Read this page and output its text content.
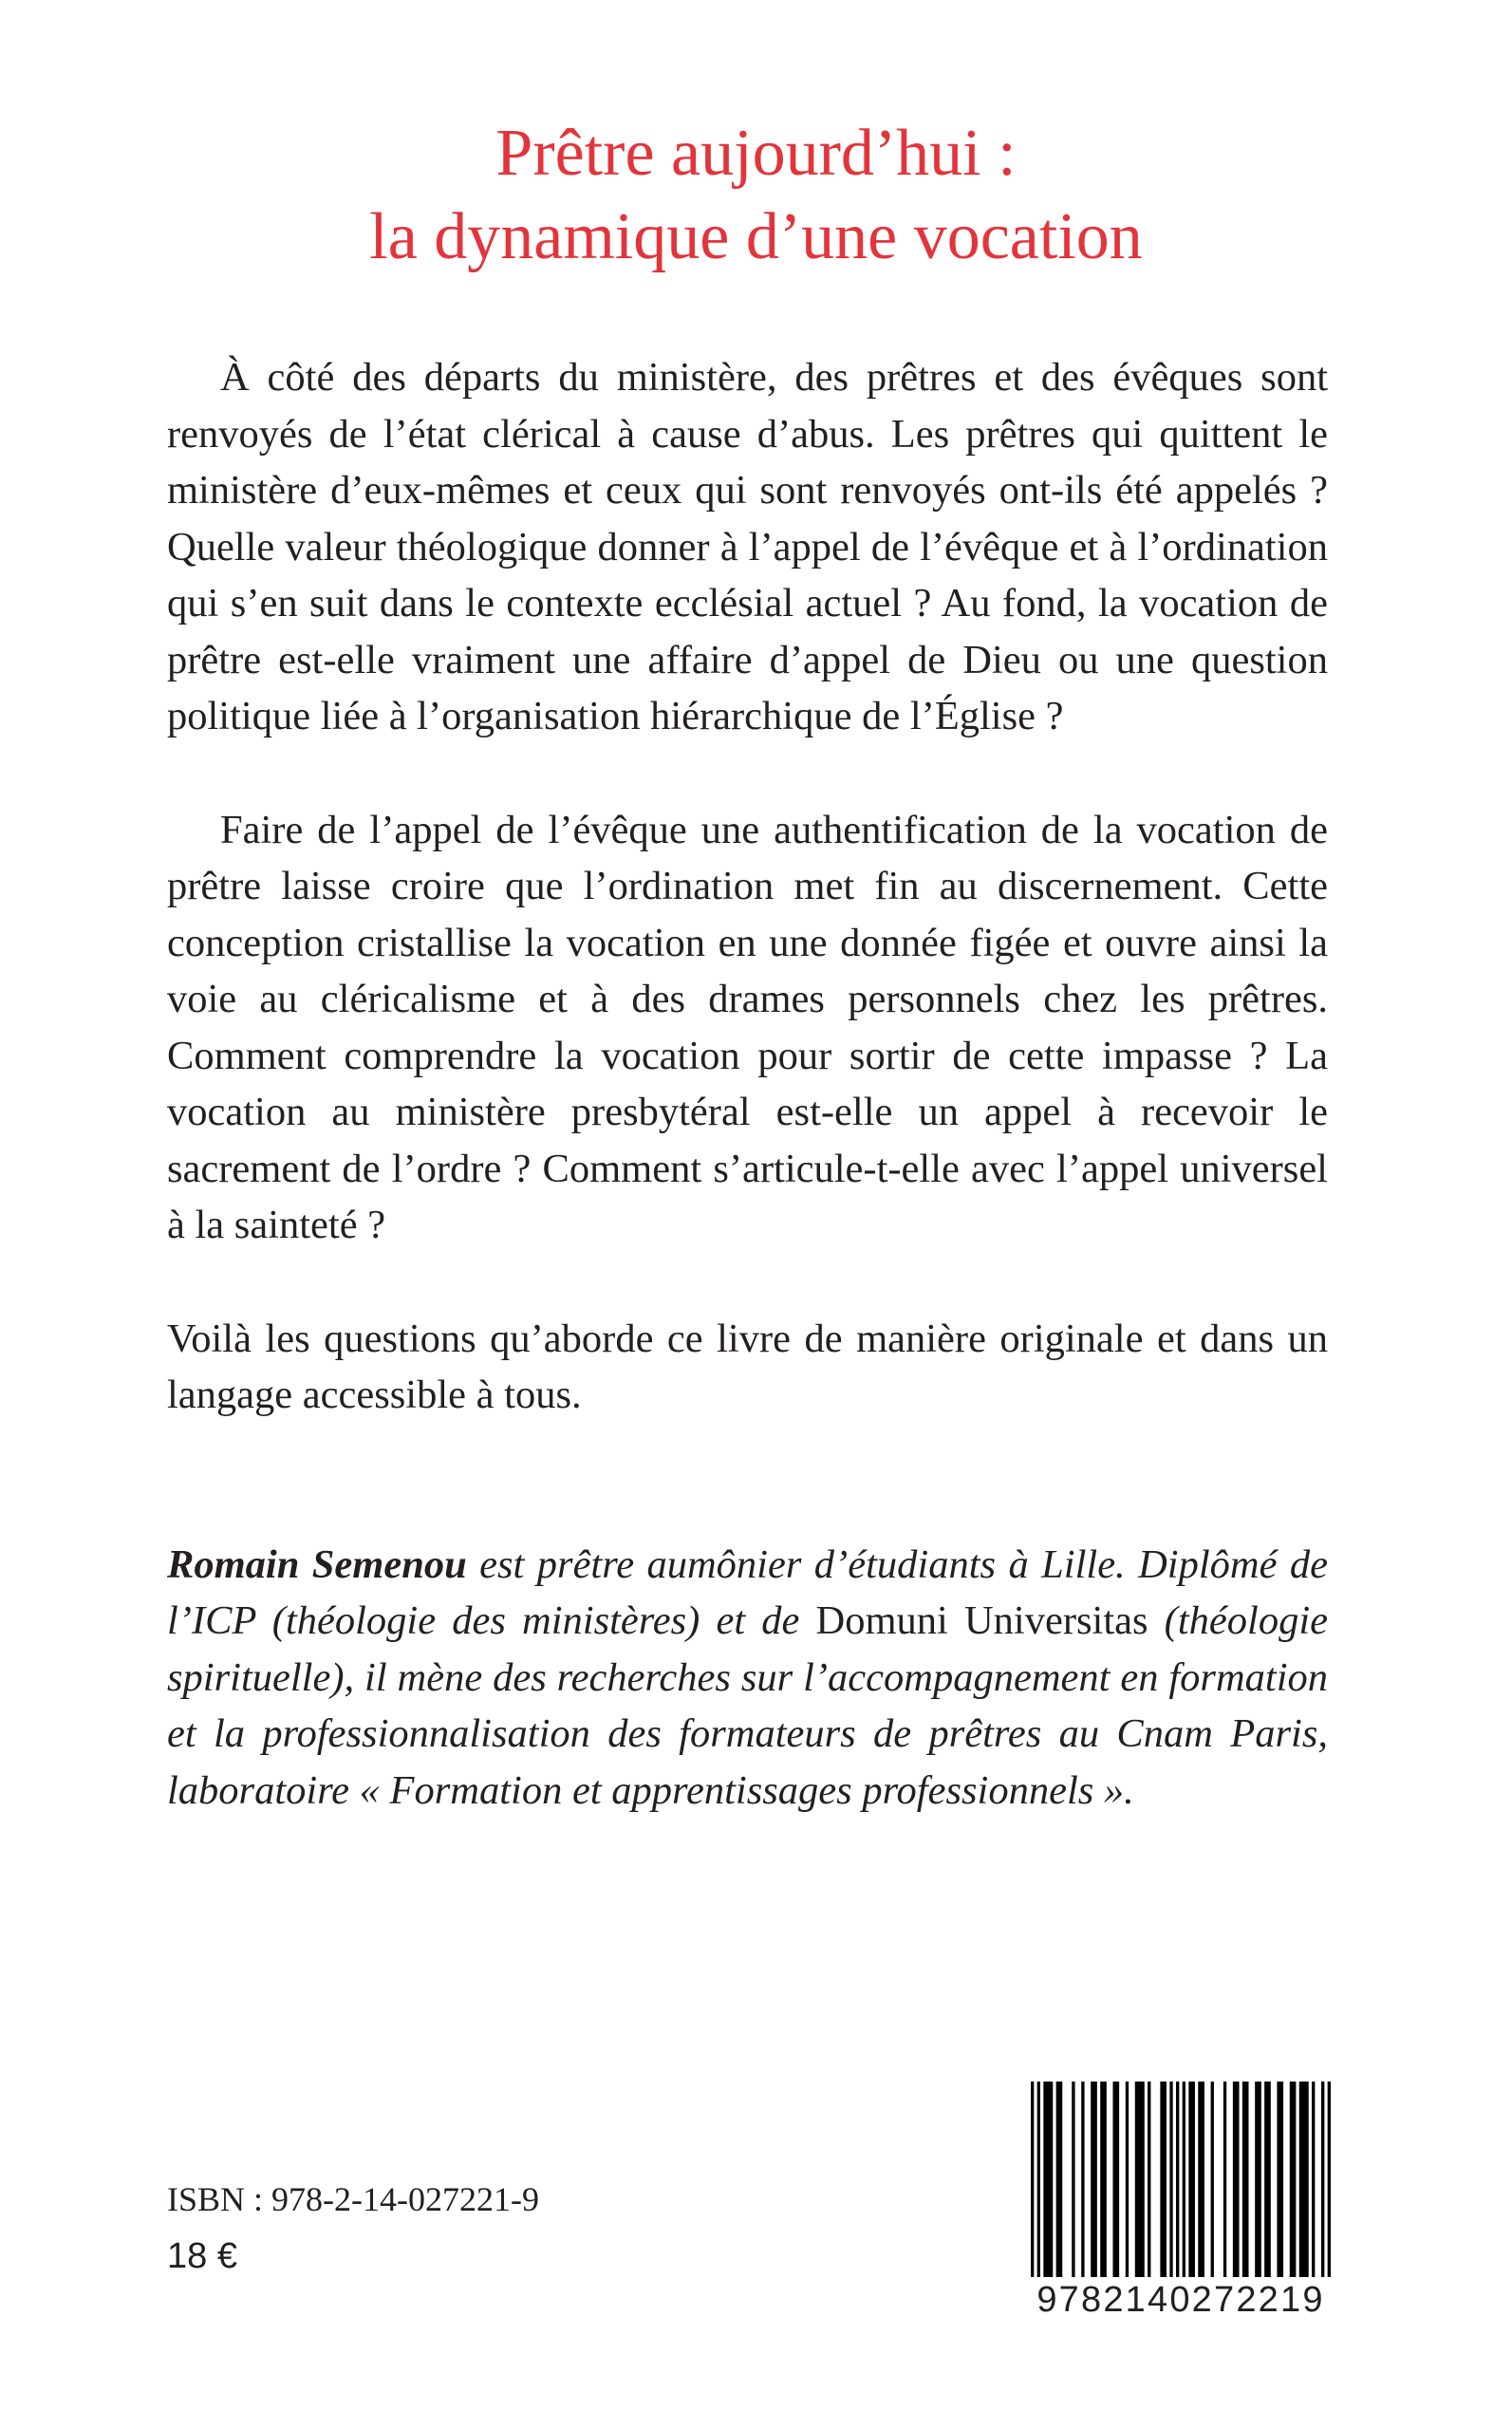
Prêtre aujourd’hui :
la dynamique d’une vocation

À côté des départs du ministère, des prêtres et des évêques sont renvoyés de l’état clérical à cause d’abus. Les prêtres qui quittent le ministère d’eux-mêmes et ceux qui sont renvoyés ont-ils été appelés ? Quelle valeur théologique donner à l’appel de l’évêque et à l’ordination qui s’en suit dans le contexte ecclésial actuel ? Au fond, la vocation de prêtre est-elle vraiment une affaire d’appel de Dieu ou une question politique liée à l’organisation hiérarchique de l’Église ?

Faire de l’appel de l’évêque une authentification de la vocation de prêtre laisse croire que l’ordination met fin au discernement. Cette conception cristallise la vocation en une donnée figée et ouvre ainsi la voie au cléricalisme et à des drames personnels chez les prêtres. Comment comprendre la vocation pour sortir de cette impasse ? La vocation au ministère presbytéral est-elle un appel à recevoir le sacrement de l’ordre ? Comment s’articule-t-elle avec l’appel universel à la sainteté ?

Voilà les questions qu’aborde ce livre de manière originale et dans un langage accessible à tous.

Romain Semenou est prêtre aumônier d’étudiants à Lille. Diplômé de l’ICP (théologie des ministères) et de Domuni Universitas (théologie spirituelle), il mène des recherches sur l’accompagnement en formation et la professionnalisation des formateurs de prêtres au Cnam Paris, laboratoire « Formation et apprentissages professionnels ».

ISBN : 978-2-14-027221-9
18 €
9782140272219
